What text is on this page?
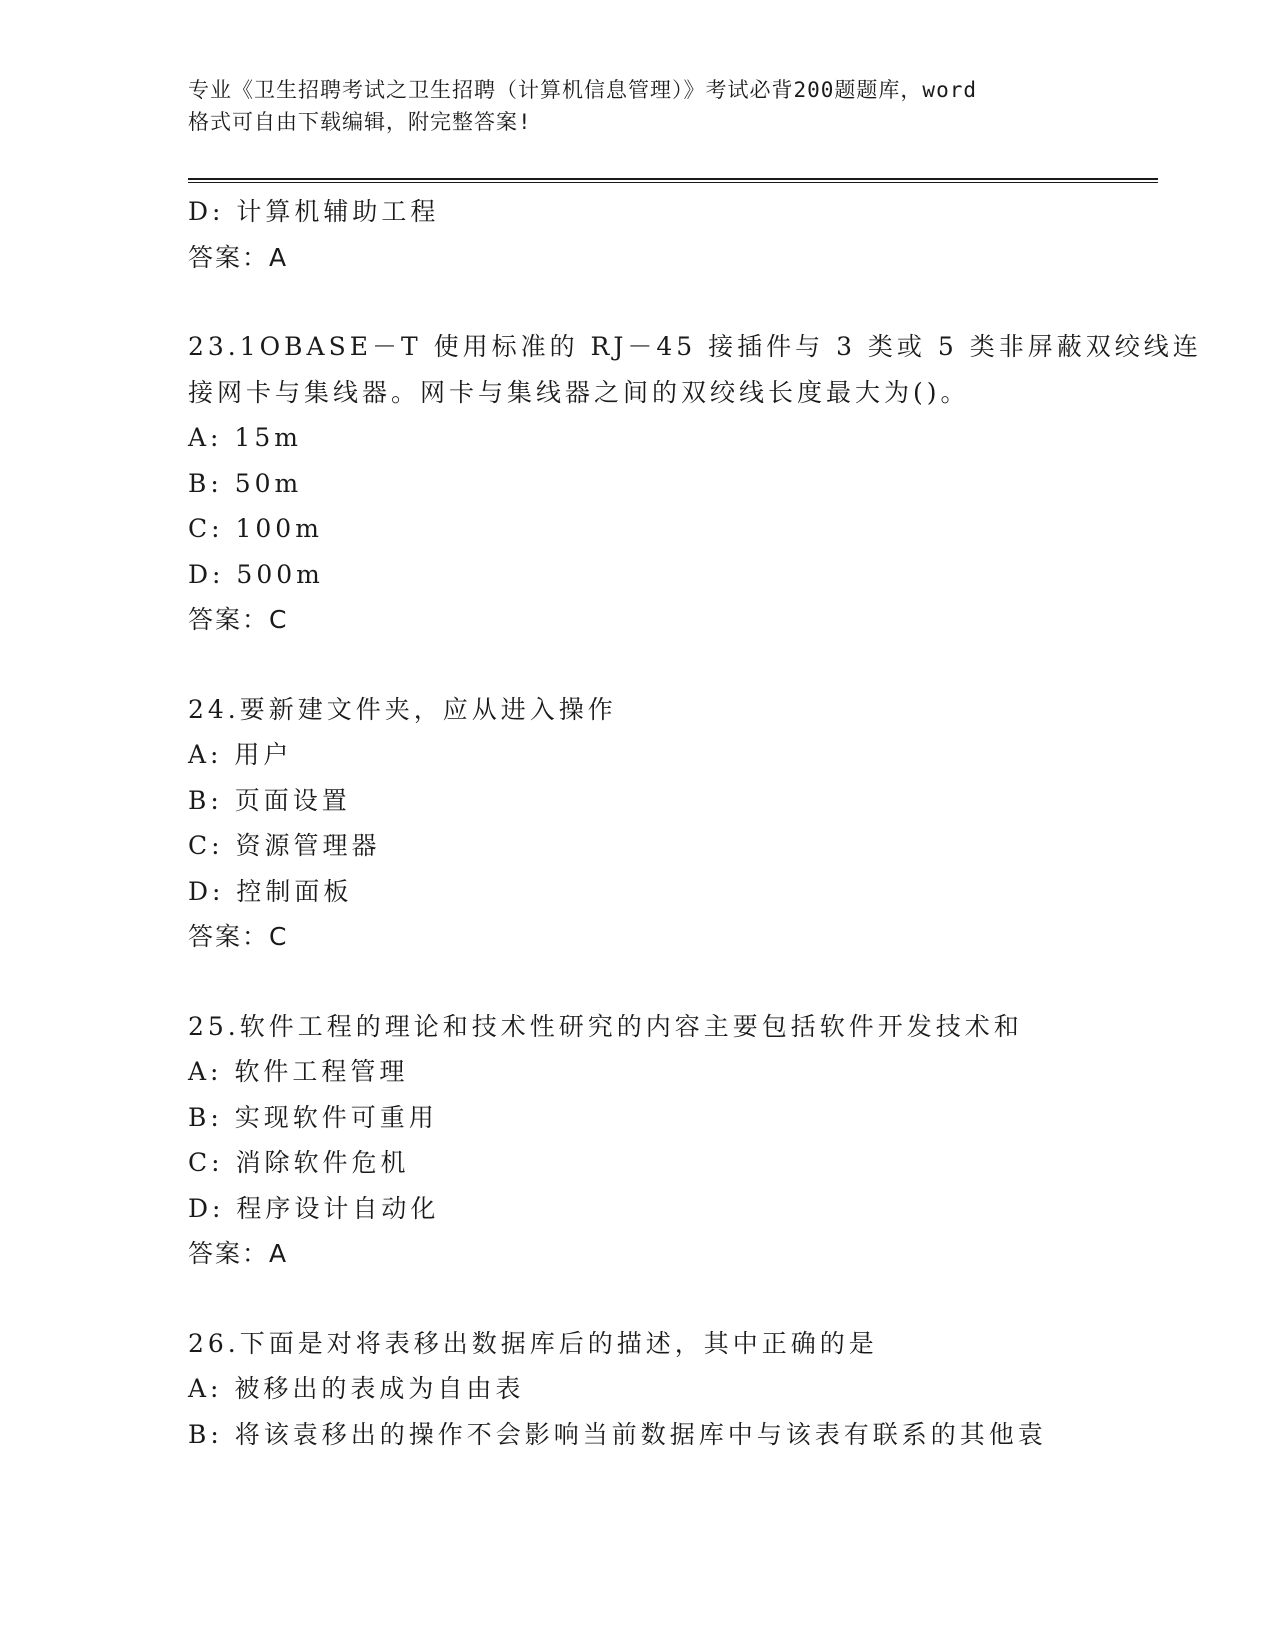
专业《卫生招聘考试之卫生招聘（计算机信息管理）》考试必背200题题库，word
格式可自由下载编辑，附完整答案!
D: 计算机辅助工程
答案：A
23.1OBASE－T 使用标准的 RJ－45 接插件与 3 类或 5 类非屏蔽双绞线连
接网卡与集线器。网卡与集线器之间的双绞线长度最大为()。
A: 15m
B: 50m
C: 100m
D: 500m
答案：C
24.要新建文件夹，应从进入操作
A: 用户
B: 页面设置
C: 资源管理器
D: 控制面板
答案：C
25.软件工程的理论和技术性研究的内容主要包括软件开发技术和
A: 软件工程管理
B: 实现软件可重用
C: 消除软件危机
D: 程序设计自动化
答案：A
26.下面是对将表移出数据库后的描述，其中正确的是
A: 被移出的表成为自由表
B: 将该袁移出的操作不会影响当前数据库中与该表有联系的其他袁
